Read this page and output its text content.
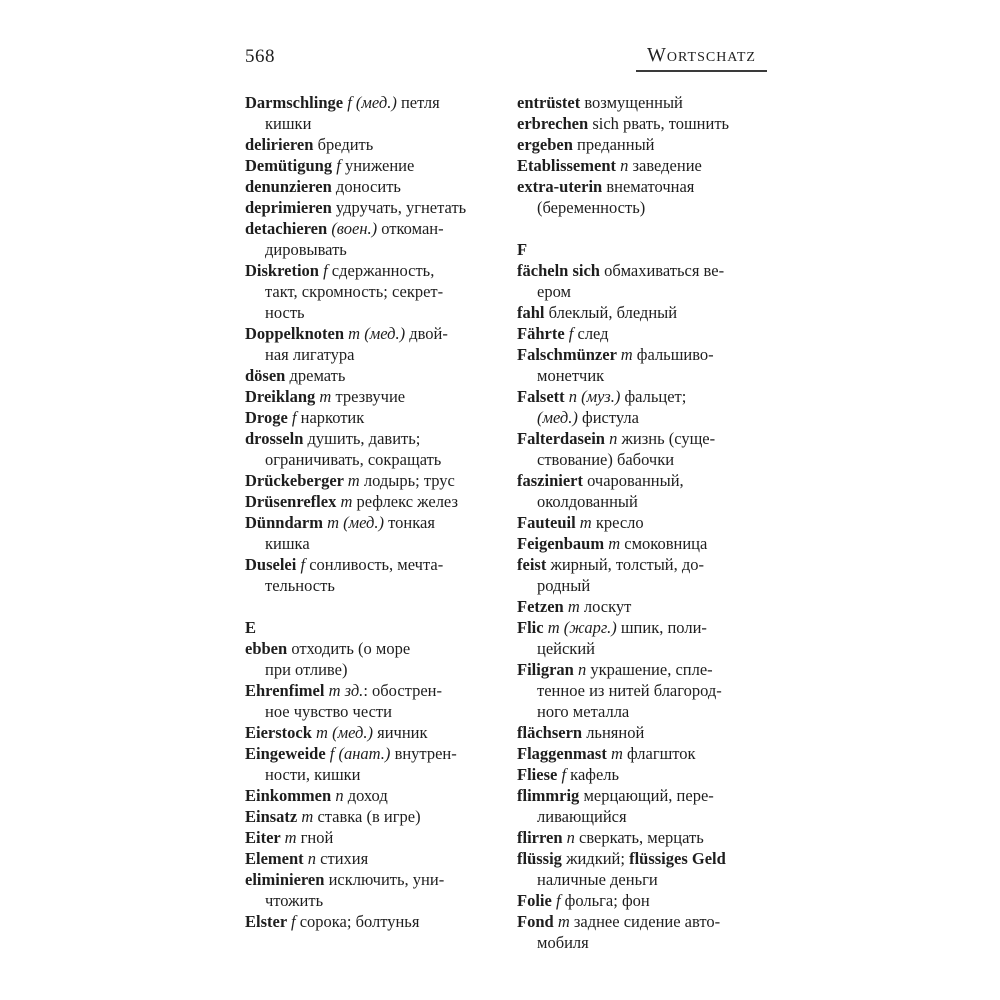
568	Wortschatz
Darmschlinge f (мед.) петля
кишки
delirieren бредить
Demütigung f унижение
denunzieren доносить
deprimieren удручать, угнетать
detachieren (воен.) откоман-
дировывать
Diskretion f сдержанность,
такт, скромность; секрет-
ность
Doppelknoten m (мед.) двой-
ная лигатура
dösen дремать
Dreiklang m трезвучие
Droge f наркотик
drosseln душить, давить;
ограничивать, сокращать
Drückeberger m лодырь; трус
Drüsenreflex m рефлекс желез
Dünndarm m (мед.) тонкая
кишка
Duselei f сонливость, мечта-
тельность
E
ebben отходить (о море
при отливе)
Ehrenfimel m зд.: обострен-
ное чувство чести
Eierstock m (мед.) яичник
Eingeweide f (анат.) внутрен-
ности, кишки
Einkommen n доход
Einsatz m ставка (в игре)
Eiter m гной
Element n стихия
eliminieren исключить, уни-
чтожить
Elster f сорока; болтунья
entrüstet возмущенный
erbrechen sich рвать, тошнить
ergeben преданный
Etablissement n заведение
extra-uterin внематочная
(беременность)
F
fächeln sich обмахиваться ве-
ером
fahl блеклый, бледный
Fährte f след
Falschmünzer m фальшиво-
монетчик
Falsett n (муз.) фальцет;
(мед.) фистула
Falterdasein n жизнь (суще-
ствование) бабочки
fasziniert очарованный,
околдованный
Fauteuil m кресло
Feigenbaum m смоковница
feist жирный, толстый, до-
родный
Fetzen m лоскут
Flic m (жарг.) шпик, поли-
цейский
Filigran n украшение, спле-
тенное из нитей благород-
ного металла
flächsern льняной
Flaggenmast m флагшток
Fliese f кафель
flimmrig мерцающий, пере-
ливающийся
flirren n сверкать, мерцать
flüssig жидкий; flüssiges Geld
наличные деньги
Folie f фольга; фон
Fond m заднее сидение авто-
мобиля
